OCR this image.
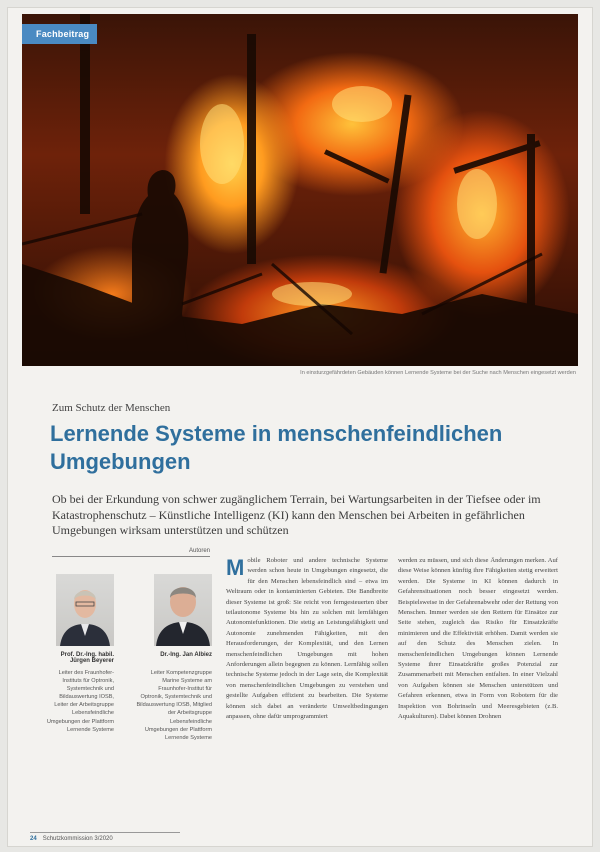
Fachbeitrag
In einsturzgefährdeten Gebäuden können Lernende Systeme bei der Suche nach Menschen eingesetzt werden
Zum Schutz der Menschen
Lernende Systeme in menschenfeindlichen Umgebungen

Ob bei der Erkundung von schwer zugänglichem Terrain, bei Wartungsarbeiten in der Tiefsee oder im Katastrophenschutz – Künstliche Intelligenz (KI) kann den Menschen bei Arbeiten in gefährlichen Umgebungen wirksam unterstützen und schützen

Autoren
Prof. Dr.-Ing. habil. Jürgen Beyerer
Leiter des Fraunhofer-Instituts für Optronik, Systemtechnik und Bildauswertung IOSB, Leiter der Arbeitsgruppe Lebensfeindliche Umgebungen der Plattform Lernende Systeme
Dr.-Ing. Jan Albiez
Leiter Kompetenzgruppe Marine Systeme am Fraunhofer-Institut für Optronik, Systemtechnik und Bildauswertung IOSB, Mitglied der Arbeitsgruppe Lebensfeindliche Umgebungen der Plattform Lernende Systeme
Mobile Roboter und andere technische Systeme werden schon heute in Umgebungen eingesetzt, die für den Menschen lebensfeindlich sind – etwa im Weltraum oder in kontaminierten Gebieten. Die Bandbreite dieser Systeme ist groß: Sie reicht von ferngesteuerten über teilautonome Systeme bis hin zu solchen mit lernfähigen Autonomiefunktionen. Die stetig an Leistungsfähigkeit und Autonomie zunehmenden Fähigkeiten, mit den Herausforderungen, der Komplexität, und den Lernen menschenfeindlichen Umgebungen mit hohen Anforderungen allein begegnen zu können. Lernfähig sollen technische Systeme jedoch in der Lage sein, die Komplexität von menschenfeindlichen Umgebungen zu verstehen und gestellte Aufgaben effizient zu bearbeiten. Die Systeme können sich dabei an veränderte Umweltbedingungen anpassen, ohne dafür umprogrammiert
werden zu müssen, und sich diese Änderungen merken. Auf diese Weise können künftig ihre Fähigkeiten stetig erweitert werden. Die Systeme in KI können dadurch in Gefahrensituationen noch besser eingesetzt werden. Beispielsweise in der Gefahrenabwehr oder der Rettung von Menschen. Immer werden sie den Rettern für Einsätze zur Seite stehen, zugleich das Risiko für Einsatzkräfte minimieren und die Effektivität erhöhen. Damit werden sie auf den Schutz des Menschen zielen. In menschenfeindlichen Umgebungen können Lernende Systeme ihrer Einsatzkräfte großes Potenzial zur Zusammenarbeit mit Menschen entfalten. In einer Vielzahl von Aufgaben können sie Menschen unterstützen und Gefahren erkennen, etwa in Form von Robotern für die Inspektion von Bohrinseln und Meeresgebieten (z.B. Aquakulturen). Dabei können Drohnen
24 Schutzkommission 3/2020
